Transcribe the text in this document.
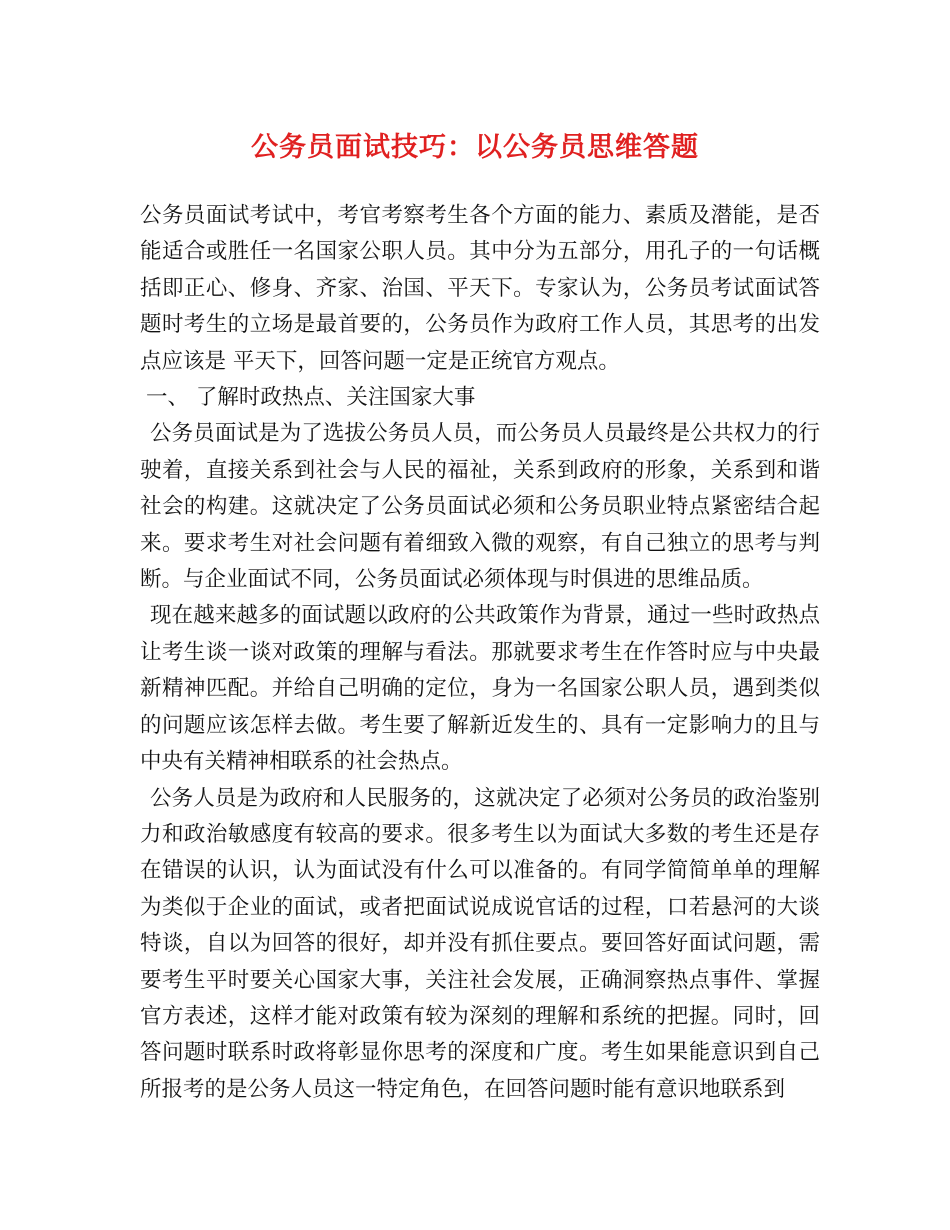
公务员面试技巧：以公务员思维答题

公务员面试考试中，考官考察考生各个方面的能力、素质及潜能，是否能适合或胜任一名国家公职人员。其中分为五部分，用孔子的一句话概括即正心、修身、齐家、治国、平天下。专家认为，公务员考试面试答题时考生的立场是最首要的，公务员作为政府工作人员，其思考的出发点应该是 平天下，回答问题一定是正统官方观点。

一、 了解时政热点、关注国家大事

公务员面试是为了选拔公务员人员，而公务员人员最终是公共权力的行驶着，直接关系到社会与人民的福祉，关系到政府的形象，关系到和谐社会的构建。这就决定了公务员面试必须和公务员职业特点紧密结合起来。要求考生对社会问题有着细致入微的观察，有自己独立的思考与判断。与企业面试不同，公务员面试必须体现与时俱进的思维品质。

现在越来越多的面试题以政府的公共政策作为背景，通过一些时政热点让考生谈一谈对政策的理解与看法。那就要求考生在作答时应与中央最新精神匹配。并给自己明确的定位，身为一名国家公职人员，遇到类似的问题应该怎样去做。考生要了解新近发生的、具有一定影响力的且与中央有关精神相联系的社会热点。

公务人员是为政府和人民服务的，这就决定了必须对公务员的政治鉴别力和政治敏感度有较高的要求。很多考生以为面试大多数的考生还是存在错误的认识，认为面试没有什么可以准备的。有同学简简单单的理解为类似于企业的面试，或者把面试说成说官话的过程，口若悬河的大谈特谈，自以为回答的很好，却并没有抓住要点。要回答好面试问题，需要考生平时要关心国家大事，关注社会发展，正确洞察热点事件、掌握官方表述，这样才能对政策有较为深刻的理解和系统的把握。同时，回答问题时联系时政将彰显你思考的深度和广度。考生如果能意识到自己所报考的是公务人员这一特定角色，在回答问题时能有意识地联系到
